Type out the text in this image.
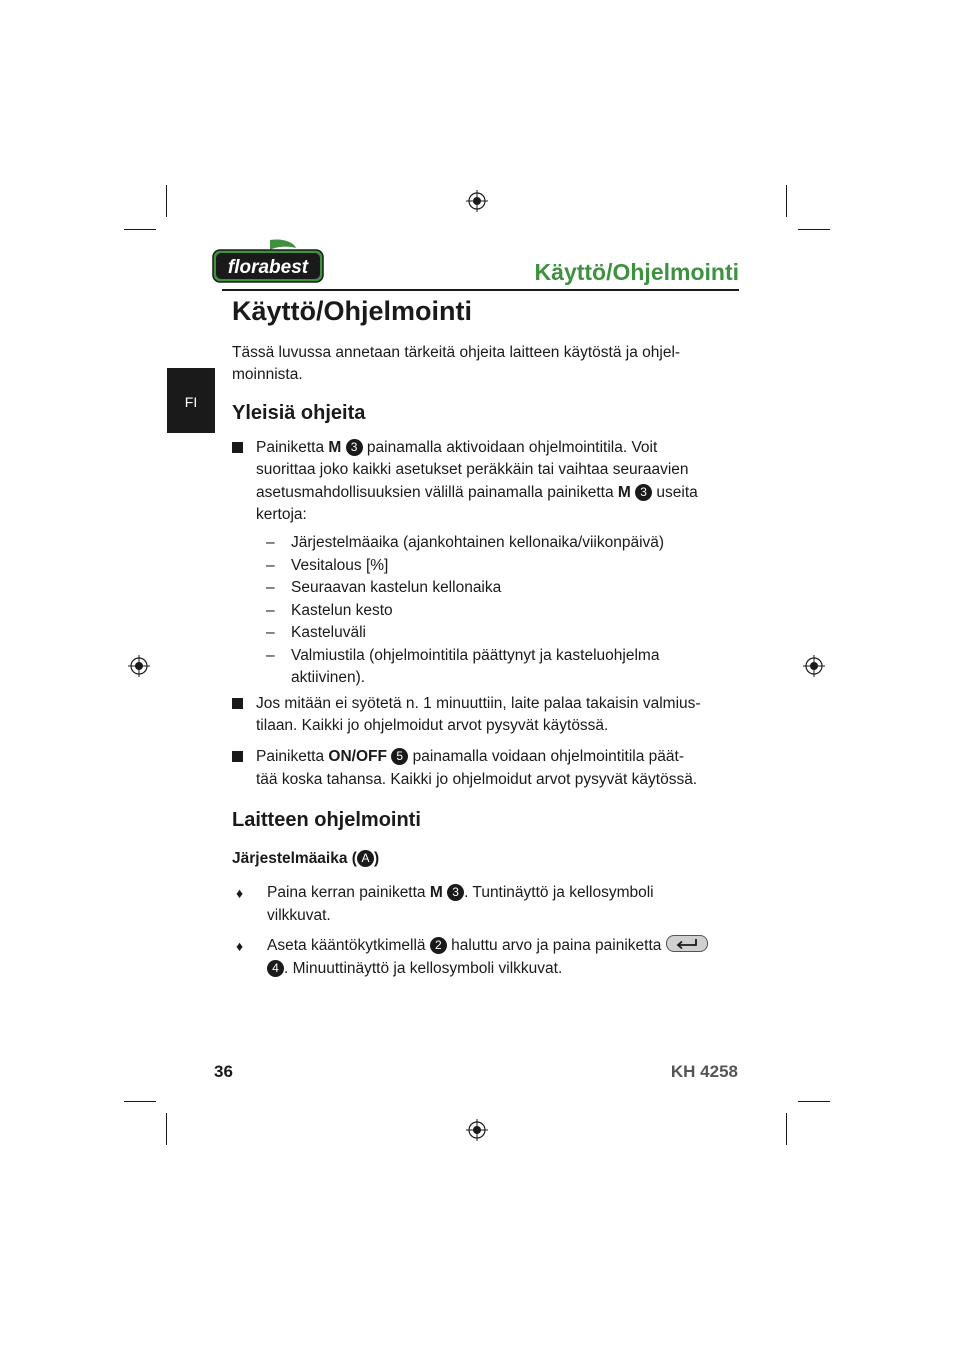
florabest	Käyttö/Ohjelmointi
FI
Käyttö/Ohjelmointi
Tässä luvussa annetaan tärkeitä ohjeita laitteen käytöstä ja ohjel-
moinnista.
Yleisiä ohjeita
Painiketta M 3 painamalla aktivoidaan ohjelmointitila. Voit
suorittaa joko kaikki asetukset peräkkäin tai vaihtaa seuraavien
asetusmahdollisuuksien välillä painamalla painiketta M 3 useita
kertoja:
– Järjestelmäaika (ajankohtainen kellonaika/viikonpäivä)
– Vesitalous [%]
– Seuraavan kastelun kellonaika
– Kastelun kesto
– Kasteluväli
– Valmiustila (ohjelmointitila päättynyt ja kasteluohjelma
aktiivinen).
Jos mitään ei syötetä n. 1 minuuttiin, laite palaa takaisin valmius-
tilaan. Kaikki jo ohjelmoidut arvot pysyvät käytössä.
Painiketta ON/OFF 5 painamalla voidaan ohjelmointitila päät-
tää koska tahansa. Kaikki jo ohjelmoidut arvot pysyvät käytössä.
Laitteen ohjelmointi
Järjestelmäaika ( A )
♦ Paina kerran painiketta M 3 . Tuntinäyttö ja kellosymboli
vilkkuvat.
♦ Aseta kääntökytkimellä 2 haluttu arvo ja paina painiketta
4 . Minuuttinäyttö ja kellosymboli vilkkuvat.
36	KH 4258
